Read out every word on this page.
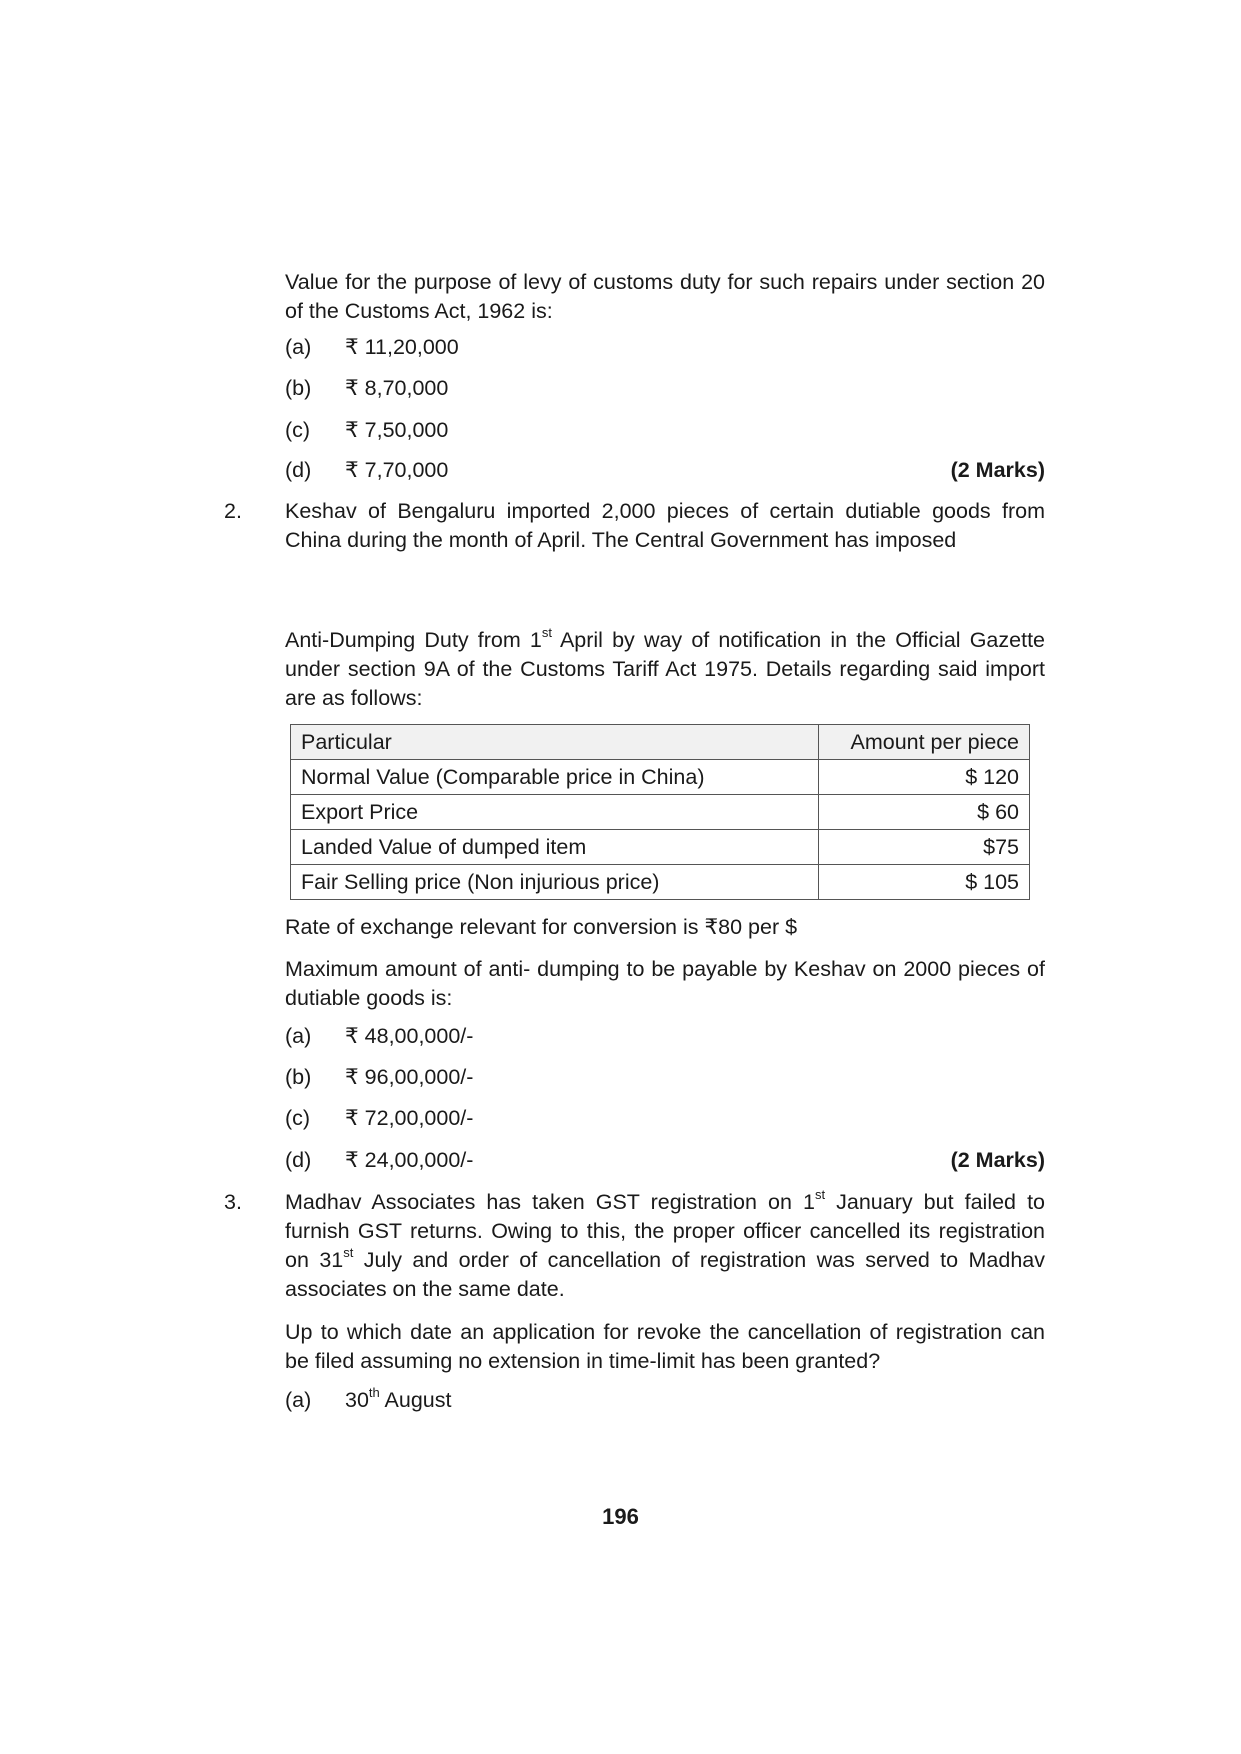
Value for the purpose of levy of customs duty for such repairs under section 20 of the Customs Act, 1962 is:
(a) ₹ 11,20,000
(b) ₹ 8,70,000
(c) ₹ 7,50,000
(d) ₹ 7,70,000	(2 Marks)
2. Keshav of Bengaluru imported 2,000 pieces of certain dutiable goods from China during the month of April. The Central Government has imposed
Anti-Dumping Duty from 1st April by way of notification in the Official Gazette under section 9A of the Customs Tariff Act 1975. Details regarding said import are as follows:
Particular	Amount per piece
Normal Value (Comparable price in China)	$ 120
Export Price	$ 60
Landed Value of dumped item	$75
Fair Selling price (Non injurious price)	$ 105
Rate of exchange relevant for conversion is ₹80 per $
Maximum amount of anti- dumping to be payable by Keshav on 2000 pieces of dutiable goods is:
(a) ₹ 48,00,000/-
(b) ₹ 96,00,000/-
(c) ₹ 72,00,000/-
(d) ₹ 24,00,000/-	(2 Marks)
3. Madhav Associates has taken GST registration on 1st January but failed to furnish GST returns. Owing to this, the proper officer cancelled its registration on 31st July and order of cancellation of registration was served to Madhav associates on the same date.
Up to which date an application for revoke the cancellation of registration can be filed assuming no extension in time-limit has been granted?
(a) 30th August
196
